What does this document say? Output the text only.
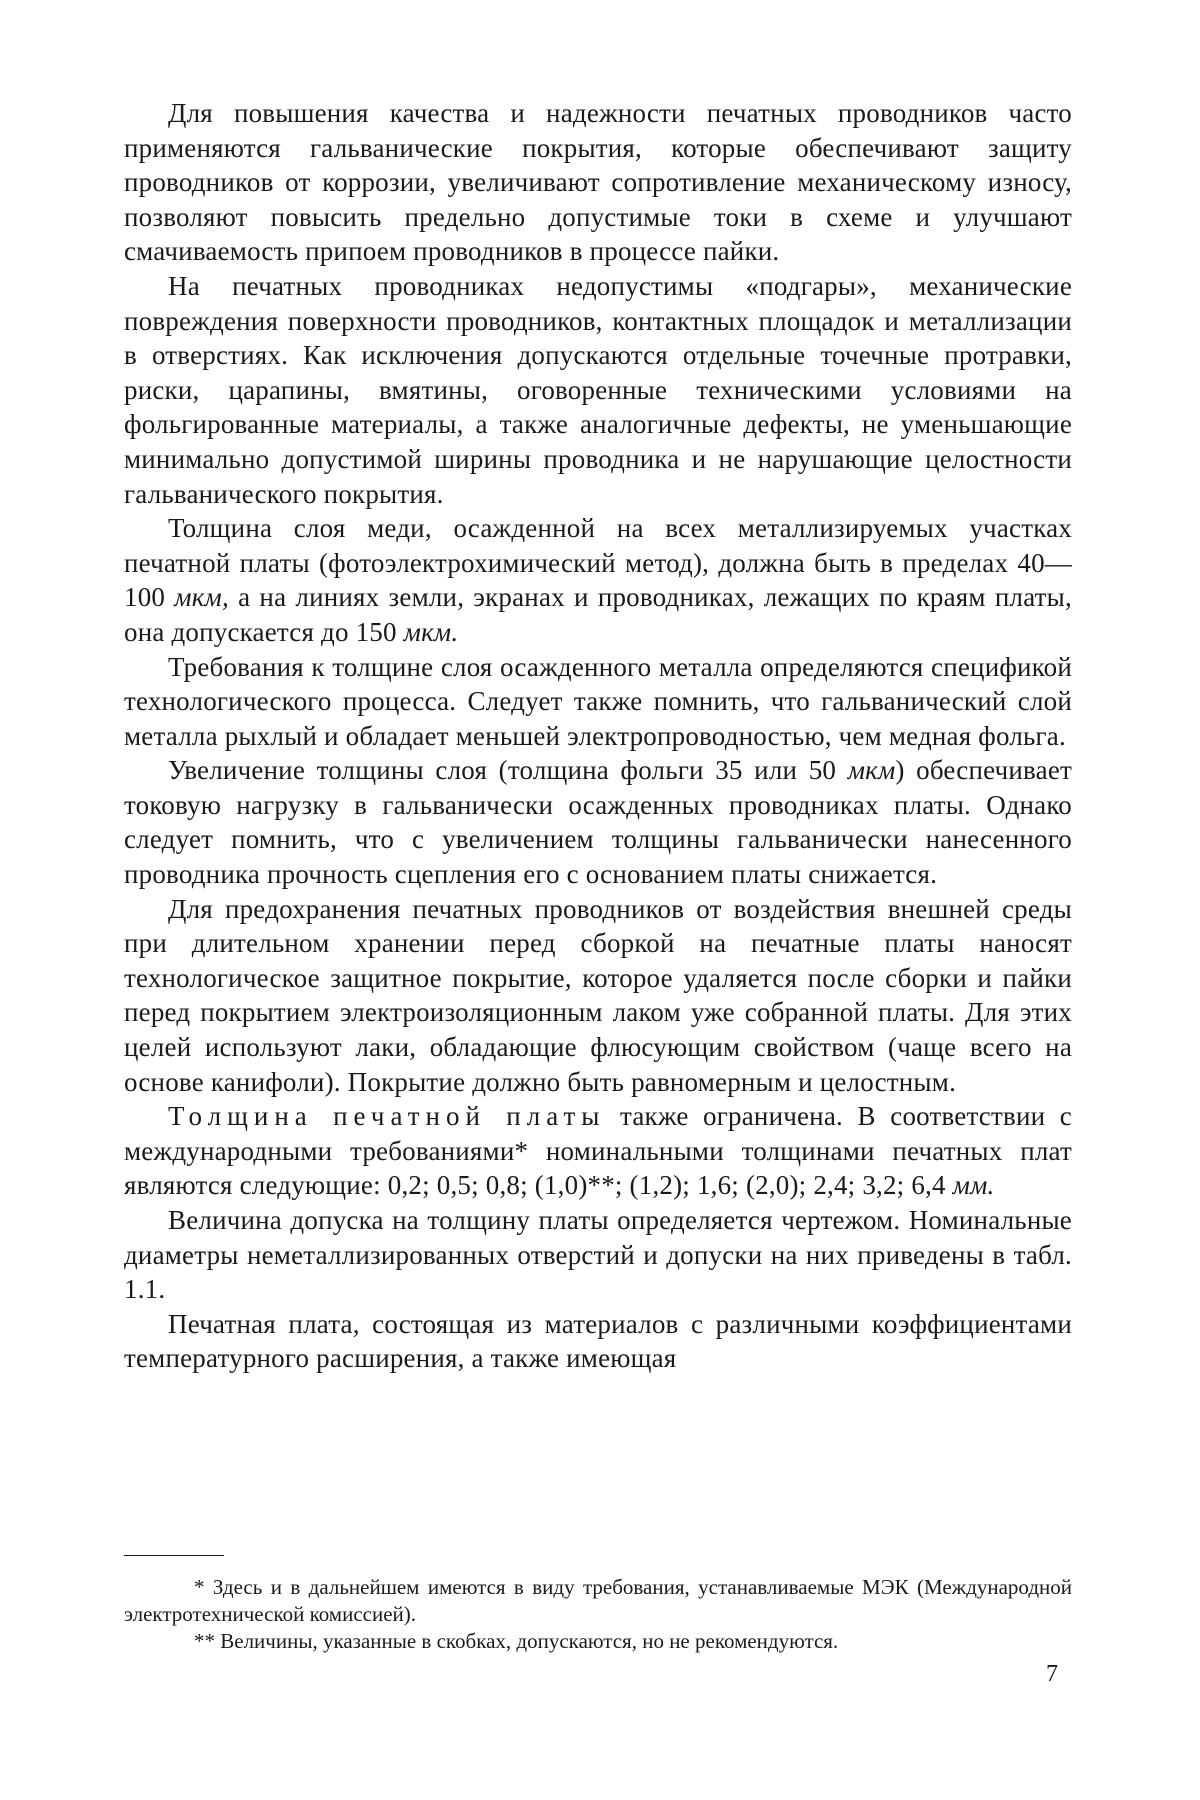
Для повышения качества и надежности печатных проводников часто применяются гальванические покрытия, которые обеспечивают защиту проводников от коррозии, увеличивают сопротивление механическому износу, позволяют повысить предельно допустимые токи в схеме и улучшают смачиваемость припоем проводников в процессе пайки.

На печатных проводниках недопустимы «подгары», механические повреждения поверхности проводников, контактных площадок и металлизации в отверстиях. Как исключения допускаются отдельные точечные протравки, риски, царапины, вмятины, оговоренные техническими условиями на фольгированные материалы, а также аналогичные дефекты, не уменьшающие минимально допустимой ширины проводника и не нарушающие целостности гальванического покрытия.

Толщина слоя меди, осажденной на всех металлизируемых участках печатной платы (фотоэлектрохимический метод), должна быть в пределах 40—100 мкм, а на линиях земли, экранах и проводниках, лежащих по краям платы, она допускается до 150 мкм.

Требования к толщине слоя осажденного металла определяются спецификой технологического процесса. Следует также помнить, что гальванический слой металла рыхлый и обладает меньшей электропроводностью, чем медная фольга.

Увеличение толщины слоя (толщина фольги 35 или 50 мкм) обеспечивает токовую нагрузку в гальванически осажденных проводниках платы. Однако следует помнить, что с увеличением толщины гальванически нанесенного проводника прочность сцепления его с основанием платы снижается.

Для предохранения печатных проводников от воздействия внешней среды при длительном хранении перед сборкой на печатные платы наносят технологическое защитное покрытие, которое удаляется после сборки и пайки перед покрытием электроизоляционным лаком уже собранной платы. Для этих целей используют лаки, обладающие флюсующим свойством (чаще всего на основе канифоли). Покрытие должно быть равномерным и целостным.

Толщина печатной платы также ограничена. В соответствии с международными требованиями* номинальными толщинами печатных плат являются следующие: 0,2; 0,5; 0,8; (1,0)**; (1,2); 1,6; (2,0); 2,4; 3,2; 6,4 мм.

Величина допуска на толщину платы определяется чертежом. Номинальные диаметры неметаллизированных отверстий и допуски на них приведены в табл. 1.1.

Печатная плата, состоящая из материалов с различными коэффициентами температурного расширения, а также имеющая

* Здесь и в дальнейшем имеются в виду требования, устанавливаемые МЭК (Международной электротехнической комиссией).

** Величины, указанные в скобках, допускаются, но не рекомендуются.

7
